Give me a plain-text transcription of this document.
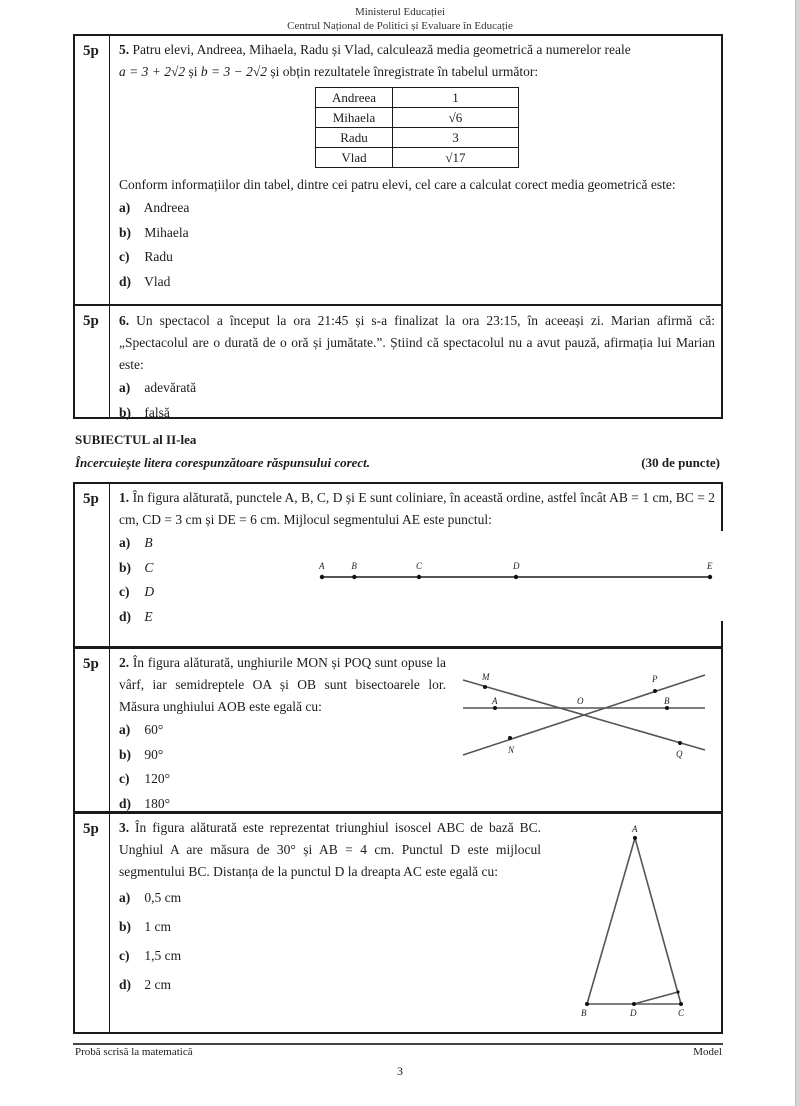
Ministerul Educației
Centrul Național de Politici și Evaluare în Educație
5p 5. Patru elevi, Andreea, Mihaela, Radu și Vlad, calculează media geometrică a numerelor reale
a = 3 + 2√2 și b = 3 − 2√2 și obțin rezultatele înregistrate în tabelul următor:
Andreea	1
Mihaela	√6
Radu	3
Vlad	√17
Conform informațiilor din tabel, dintre cei patru elevi, cel care a calculat corect media geometrică este:
a) Andreea
b) Mihaela
c) Radu
d) Vlad
5p 6. Un spectacol a început la ora 21:45 și s-a finalizat la ora 23:15, în aceeași zi. Marian afirmă că: „Spectacolul are o durată de o oră și jumătate.”. Știind că spectacolul nu a avut pauză, afirmația lui Marian este:
a) adevărată
b) falsă
SUBIECTUL al II-lea
Încercuiește litera corespunzătoare răspunsului corect.	(30 de puncte)
5p 1. În figura alăturată, punctele A, B, C, D și E sunt coliniare, în această ordine, astfel încât AB = 1 cm, BC = 2 cm, CD = 3 cm și DE = 6 cm. Mijlocul segmentului AE este punctul:
a) B
b) C
c) D
d) E
A	B	C	D	E
5p 2. În figura alăturată, unghiurile MON și POQ sunt opuse la vârf, iar semidreptele OA și OB sunt bisectoarele lor. Măsura unghiului AOB este egală cu:
a) 60°
b) 90°
c) 120°
d) 180°
M	P
A	O	B
N	Q
5p 3. În figura alăturată este reprezentat triunghiul isoscel ABC de bază BC. Unghiul A are măsura de 30° și AB = 4 cm. Punctul D este mijlocul segmentului BC. Distanța de la punctul D la dreapta AC este egală cu:
a) 0,5 cm
b) 1 cm
c) 1,5 cm
d) 2 cm
A
B	D	C
Probă scrisă la matematică	Model
3
